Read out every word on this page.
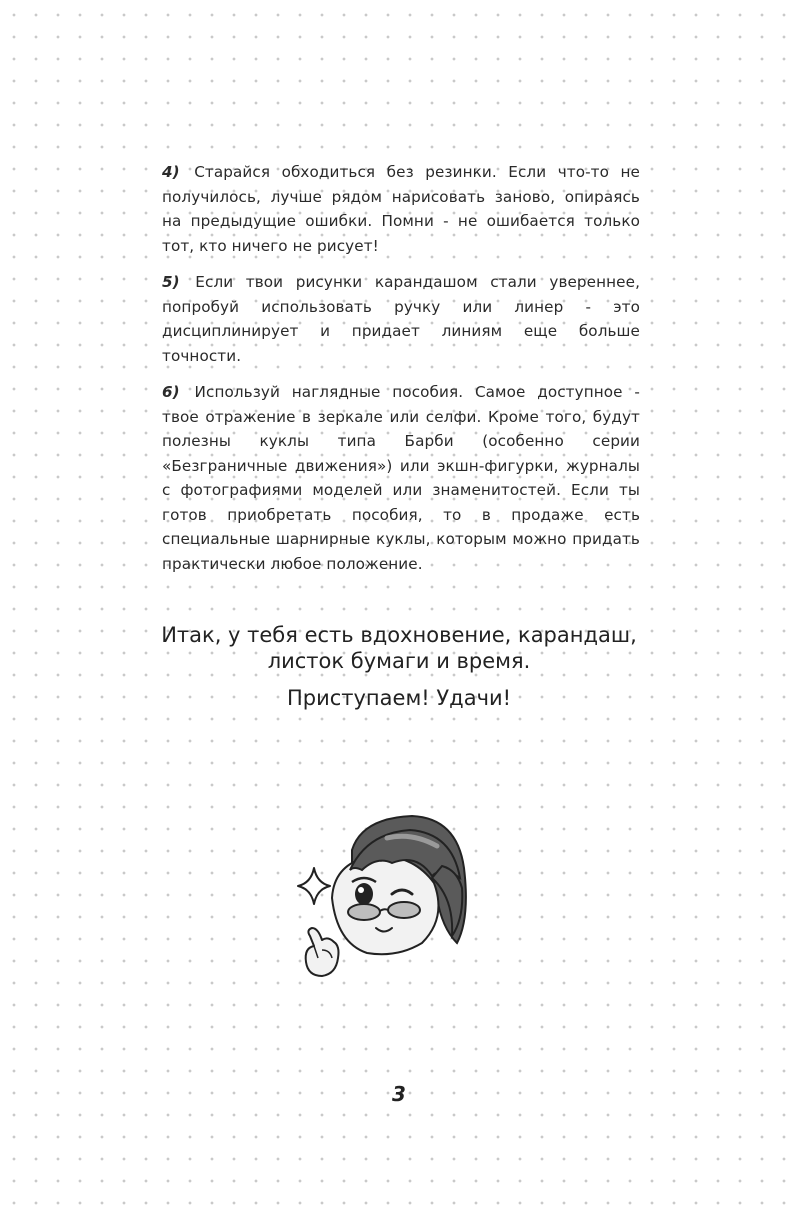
4) Старайся обходиться без резинки. Если что-то не получилось, лучше рядом нарисовать заново, опираясь на предыдущие ошибки. Помни - не ошибается только тот, кто ничего не рисует!

5) Если твои рисунки карандашом стали увереннее, попробуй использовать ручку или линер - это дисциплинирует и придает линиям еще больше точности.

6) Используй наглядные пособия. Самое доступное - твое отражение в зеркале или селфи. Кроме того, будут полезны куклы типа Барби (особенно серии «Безграничные движения») или экшн-фигурки, журналы с фотографиями моделей или знаменитостей. Если ты готов приобретать пособия, то в продаже есть специальные шарнирные куклы, которым можно придать практически любое положение.

Итак, у тебя есть вдохновение, карандаш,
листок бумаги и время.
Приступаем! Удачи!
3
